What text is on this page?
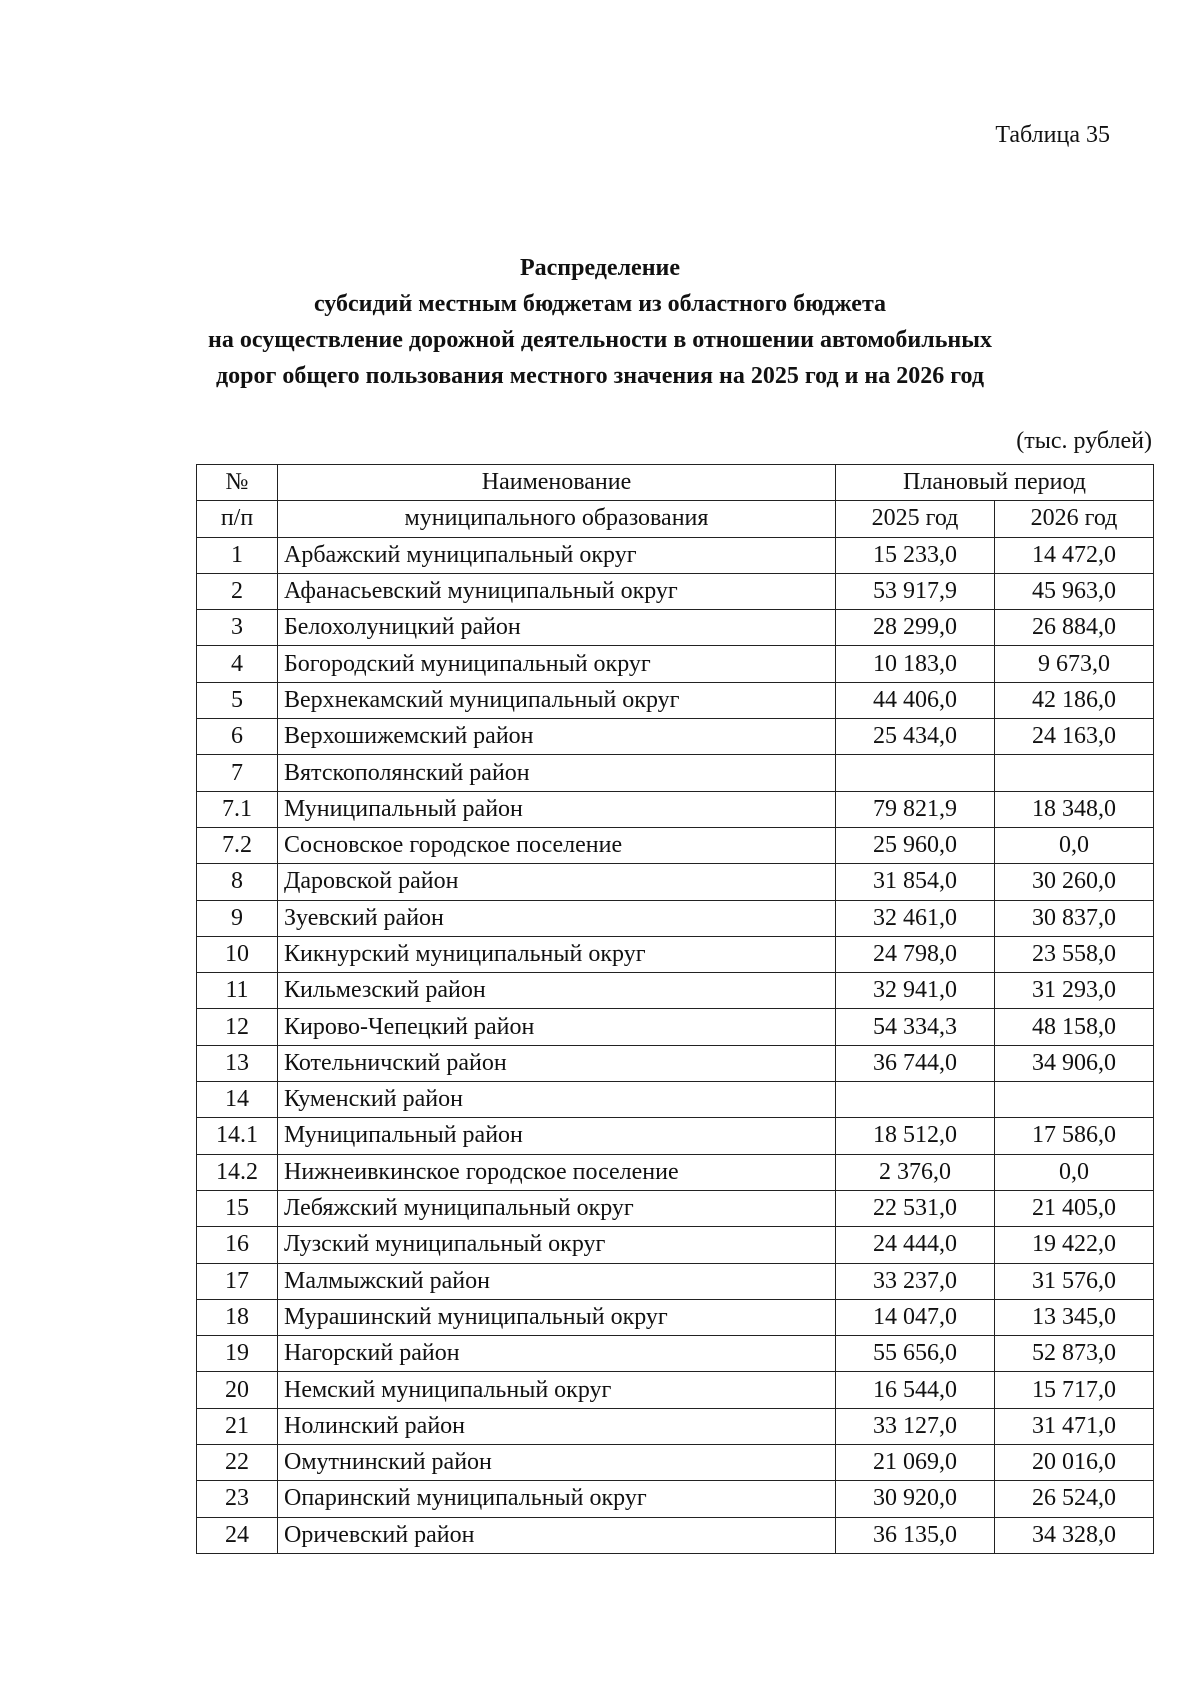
Таблица 35
Распределение
субсидий местным бюджетам из областного бюджета
на осуществление дорожной деятельности в отношении автомобильных
дорог общего пользования местного значения на 2025 год и на 2026 год
(тыс. рублей)
№	Наименование	Плановый период	
п/п	муниципального образования	2025 год	2026 год
1	Арбажский муниципальный округ	15 233,0	14 472,0
2	Афанасьевский муниципальный округ	53 917,9	45 963,0
3	Белохолуницкий район	28 299,0	26 884,0
4	Богородский муниципальный округ	10 183,0	9 673,0
5	Верхнекамский муниципальный округ	44 406,0	42 186,0
6	Верхошижемский район	25 434,0	24 163,0
7	Вятскополянский район		
7.1	Муниципальный район	79 821,9	18 348,0
7.2	Сосновское городское поселение	25 960,0	0,0
8	Даровской район	31 854,0	30 260,0
9	Зуевский район	32 461,0	30 837,0
10	Кикнурский муниципальный округ	24 798,0	23 558,0
11	Кильмезский район	32 941,0	31 293,0
12	Кирово-Чепецкий район	54 334,3	48 158,0
13	Котельничский район	36 744,0	34 906,0
14	Куменский район		
14.1	Муниципальный район	18 512,0	17 586,0
14.2	Нижнеивкинское городское поселение	2 376,0	0,0
15	Лебяжский муниципальный округ	22 531,0	21 405,0
16	Лузский муниципальный округ	24 444,0	19 422,0
17	Малмыжский район	33 237,0	31 576,0
18	Мурашинский муниципальный округ	14 047,0	13 345,0
19	Нагорский район	55 656,0	52 873,0
20	Немский муниципальный округ	16 544,0	15 717,0
21	Нолинский район	33 127,0	31 471,0
22	Омутнинский район	21 069,0	20 016,0
23	Опаринский муниципальный округ	30 920,0	26 524,0
24	Оричевский район	36 135,0	34 328,0
